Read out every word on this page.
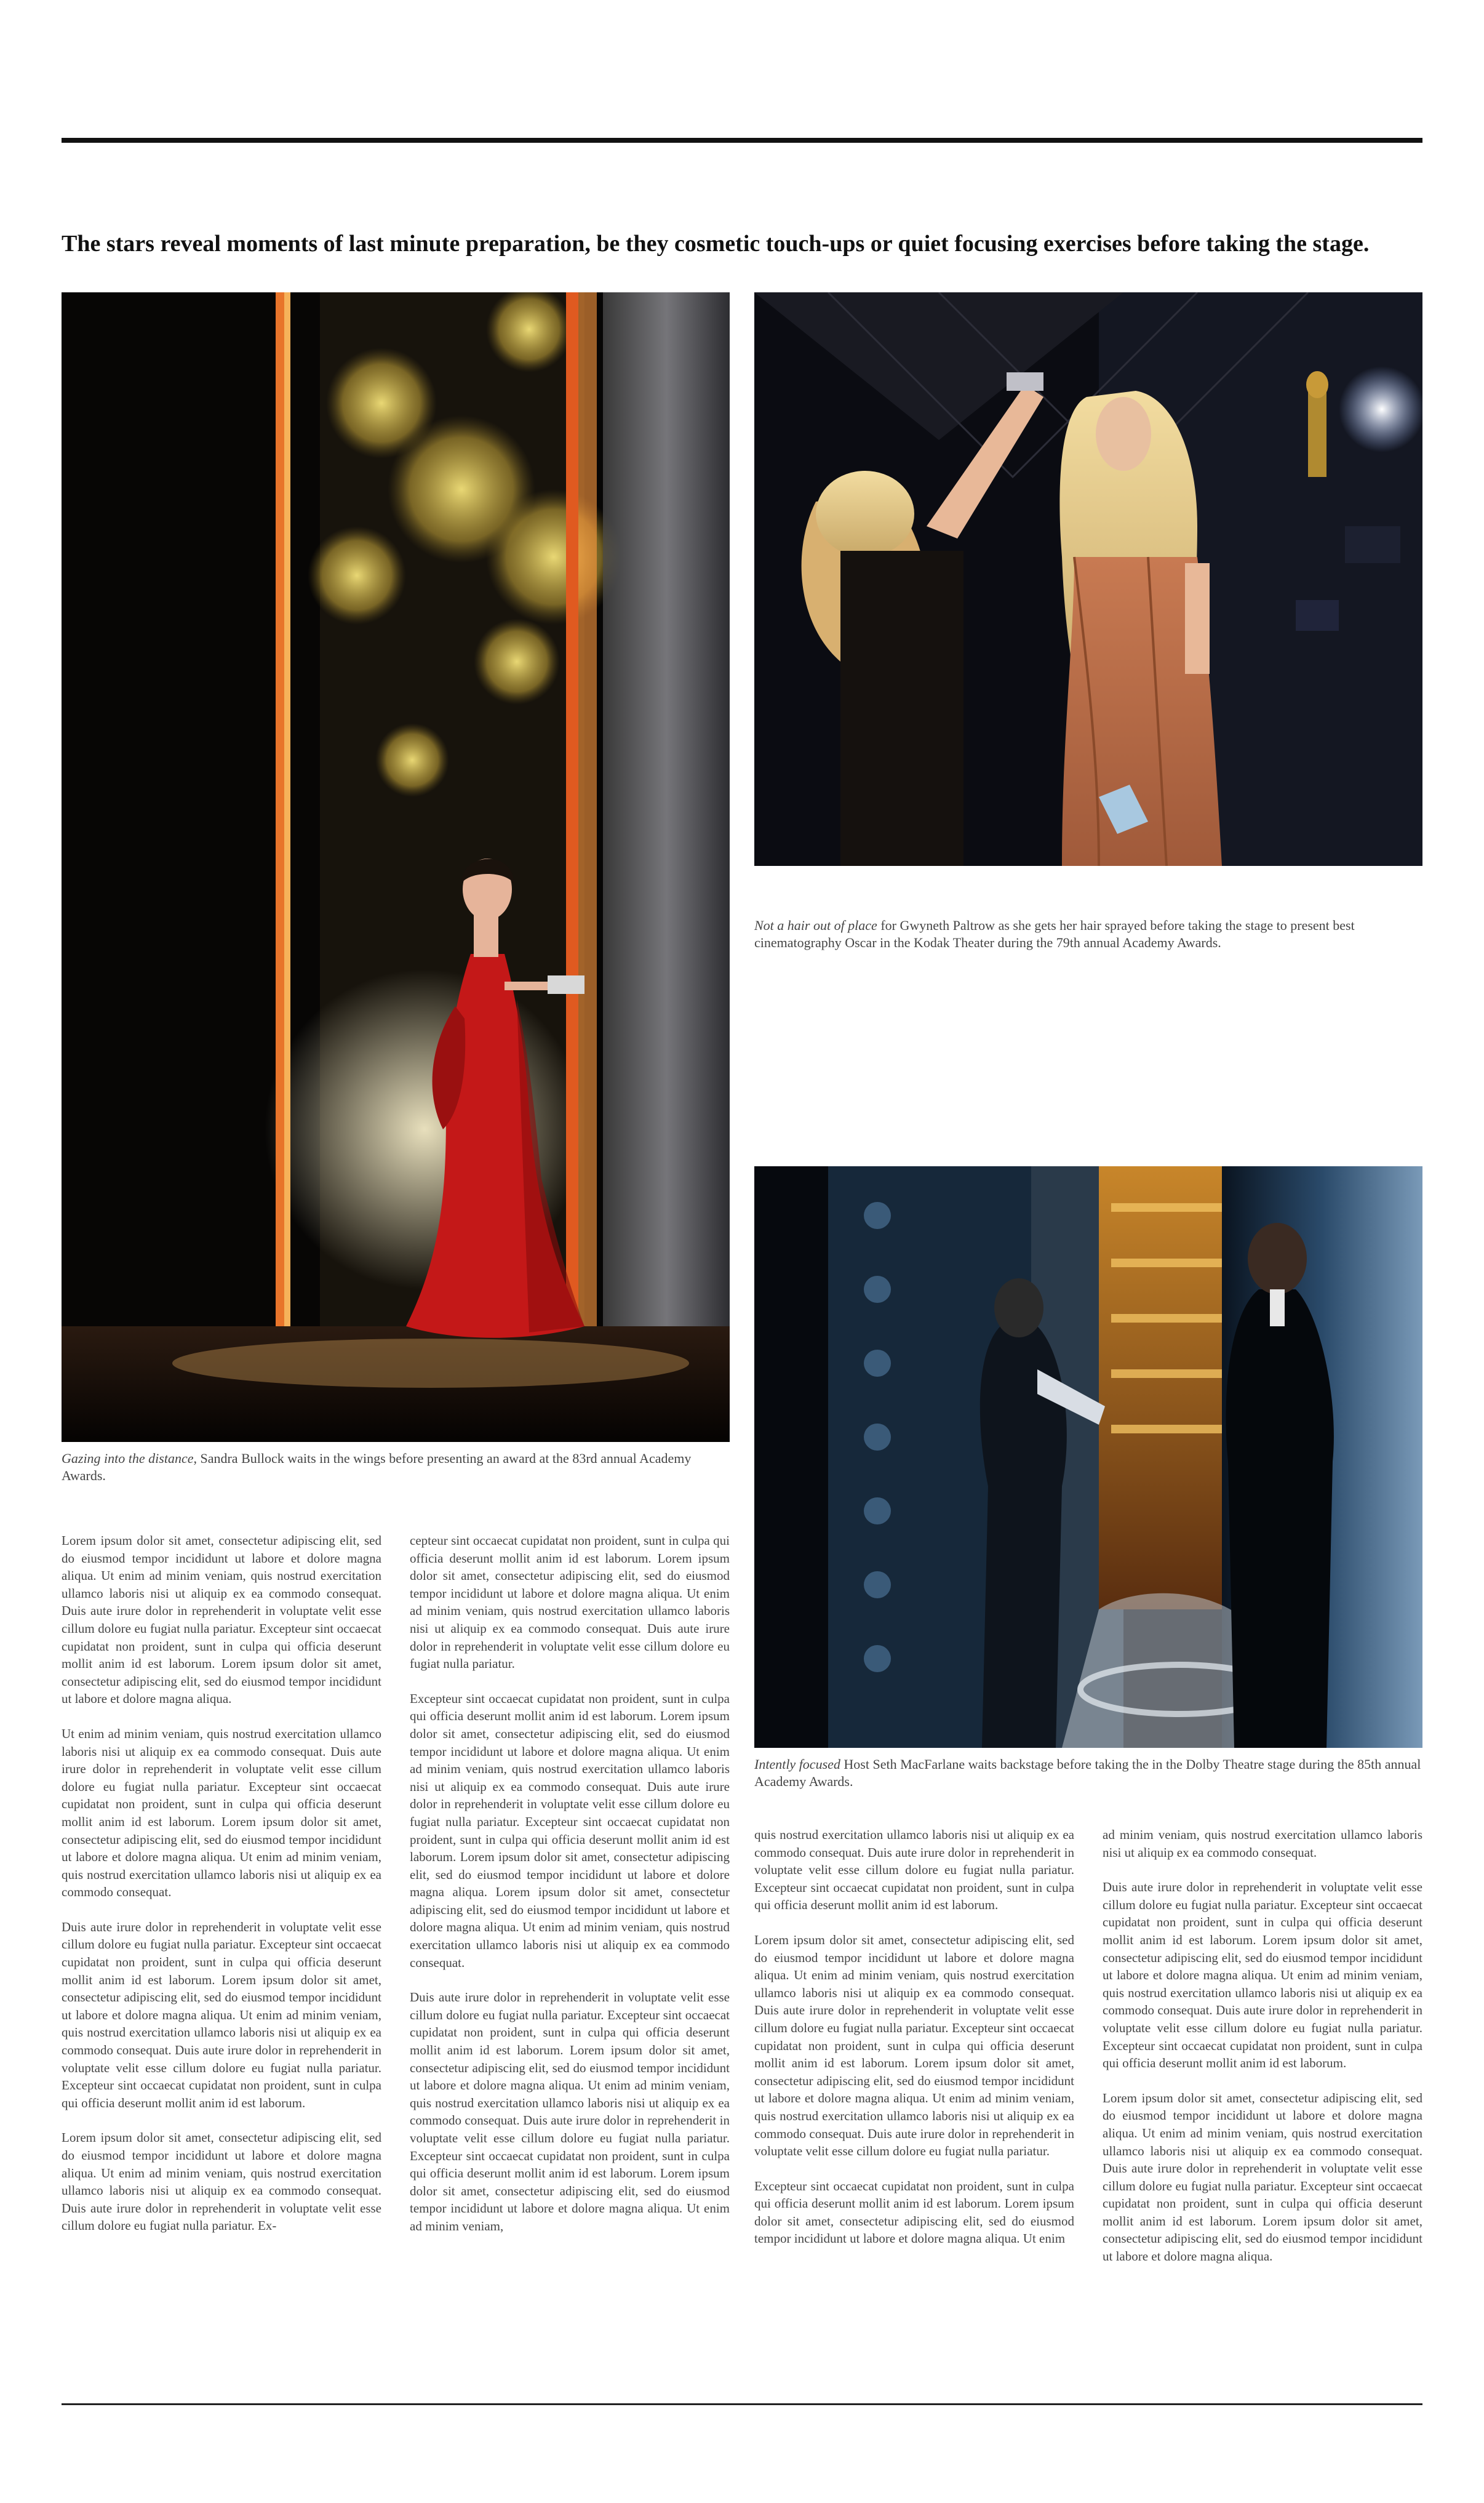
The stars reveal moments of last minute preparation, be they cosmetic touch-ups or quiet focusing exercises before taking the stage.
Gazing into the distance, Sandra Bullock waits in the wings before presenting an award at the 83rd annual Academy Awards.
Not a hair out of place for Gwyneth Paltrow as she gets her hair sprayed before taking the stage to present best cinematography Oscar in the Kodak Theater during the 79th annual Academy Awards.
Intently focused Host Seth MacFarlane waits backstage before taking the in the Dolby Theatre stage during the 85th annual Academy Awards.

Lorem ipsum dolor sit amet, consectetur adipiscing elit, sed do eiusmod tempor incididunt ut labore et dolore magna aliqua. Ut enim ad minim veniam, quis nostrud exercitation ullamco laboris nisi ut aliquip ex ea commodo consequat. Duis aute irure dolor in reprehenderit in voluptate velit esse cillum dolore eu fugiat nulla pariatur. Excepteur sint occaecat cupidatat non proident, sunt in culpa qui officia deserunt mollit anim id est laborum. Lorem ipsum dolor sit amet, consectetur adipiscing elit, sed do eiusmod tempor incididunt ut labore et dolore magna aliqua.

Ut enim ad minim veniam, quis nostrud exercitation ullamco laboris nisi ut aliquip ex ea commodo consequat. Duis aute irure dolor in reprehenderit in voluptate velit esse cillum dolore eu fugiat nulla pariatur. Excepteur sint occaecat cupidatat non proident, sunt in culpa qui officia deserunt mollit anim id est laborum. Lorem ipsum dolor sit amet, consectetur adipiscing elit, sed do eiusmod tempor incididunt ut labore et dolore magna aliqua. Ut enim ad minim veniam, quis nostrud exercitation ullamco laboris nisi ut aliquip ex ea commodo consequat.

Duis aute irure dolor in reprehenderit in voluptate velit esse cillum dolore eu fugiat nulla pariatur. Excepteur sint occaecat cupidatat non proident, sunt in culpa qui officia deserunt mollit anim id est laborum. Lorem ipsum dolor sit amet, consectetur adipiscing elit, sed do eiusmod tempor incididunt ut labore et dolore magna aliqua. Ut enim ad minim veniam, quis nostrud exercitation ullamco laboris nisi ut aliquip ex ea commodo consequat. Duis aute irure dolor in reprehenderit in voluptate velit esse cillum dolore eu fugiat nulla pariatur. Excepteur sint occaecat cupidatat non proident, sunt in culpa qui officia deserunt mollit anim id est laborum.

Lorem ipsum dolor sit amet, consectetur adipiscing elit, sed do eiusmod tempor incididunt ut labore et dolore magna aliqua. Ut enim ad minim veniam, quis nostrud exercitation ullamco laboris nisi ut aliquip ex ea commodo consequat. Duis aute irure dolor in reprehenderit in voluptate velit esse cillum dolore eu fugiat nulla pariatur. Ex-

cepteur sint occaecat cupidatat non proident, sunt in culpa qui officia deserunt mollit anim id est laborum. Lorem ipsum dolor sit amet, consectetur adipiscing elit, sed do eiusmod tempor incididunt ut labore et dolore magna aliqua. Ut enim ad minim veniam, quis nostrud exercitation ullamco laboris nisi ut aliquip ex ea commodo consequat. Duis aute irure dolor in reprehenderit in voluptate velit esse cillum dolore eu fugiat nulla pariatur.

Excepteur sint occaecat cupidatat non proident, sunt in culpa qui officia deserunt mollit anim id est laborum. Lorem ipsum dolor sit amet, consectetur adipiscing elit, sed do eiusmod tempor incididunt ut labore et dolore magna aliqua. Ut enim ad minim veniam, quis nostrud exercitation ullamco laboris nisi ut aliquip ex ea commodo consequat. Duis aute irure dolor in reprehenderit in voluptate velit esse cillum dolore eu fugiat nulla pariatur. Excepteur sint occaecat cupidatat non proident, sunt in culpa qui officia deserunt mollit anim id est laborum. Lorem ipsum dolor sit amet, consectetur adipiscing elit, sed do eiusmod tempor incididunt ut labore et dolore magna aliqua. Lorem ipsum dolor sit amet, consectetur adipiscing elit, sed do eiusmod tempor incididunt ut labore et dolore magna aliqua. Ut enim ad minim veniam, quis nostrud exercitation ullamco laboris nisi ut aliquip ex ea commodo consequat.

Duis aute irure dolor in reprehenderit in voluptate velit esse cillum dolore eu fugiat nulla pariatur. Excepteur sint occaecat cupidatat non proident, sunt in culpa qui officia deserunt mollit anim id est laborum. Lorem ipsum dolor sit amet, consectetur adipiscing elit, sed do eiusmod tempor incididunt ut labore et dolore magna aliqua. Ut enim ad minim veniam, quis nostrud exercitation ullamco laboris nisi ut aliquip ex ea commodo consequat. Duis aute irure dolor in reprehenderit in voluptate velit esse cillum dolore eu fugiat nulla pariatur. Excepteur sint occaecat cupidatat non proident, sunt in culpa qui officia deserunt mollit anim id est laborum. Lorem ipsum dolor sit amet, consectetur adipiscing elit, sed do eiusmod tempor incididunt ut labore et dolore magna aliqua. Ut enim ad minim veniam,

quis nostrud exercitation ullamco laboris nisi ut aliquip ex ea commodo consequat. Duis aute irure dolor in reprehenderit in voluptate velit esse cillum dolore eu fugiat nulla pariatur. Excepteur sint occaecat cupidatat non proident, sunt in culpa qui officia deserunt mollit anim id est laborum.

Lorem ipsum dolor sit amet, consectetur adipiscing elit, sed do eiusmod tempor incididunt ut labore et dolore magna aliqua. Ut enim ad minim veniam, quis nostrud exercitation ullamco laboris nisi ut aliquip ex ea commodo consequat. Duis aute irure dolor in reprehenderit in voluptate velit esse cillum dolore eu fugiat nulla pariatur. Excepteur sint occaecat cupidatat non proident, sunt in culpa qui officia deserunt mollit anim id est laborum. Lorem ipsum dolor sit amet, consectetur adipiscing elit, sed do eiusmod tempor incididunt ut labore et dolore magna aliqua. Ut enim ad minim veniam, quis nostrud exercitation ullamco laboris nisi ut aliquip ex ea commodo consequat. Duis aute irure dolor in reprehenderit in voluptate velit esse cillum dolore eu fugiat nulla pariatur.

Excepteur sint occaecat cupidatat non proident, sunt in culpa qui officia deserunt mollit anim id est laborum. Lorem ipsum dolor sit amet, consectetur adipiscing elit, sed do eiusmod tempor incididunt ut labore et dolore magna aliqua. Ut enim

ad minim veniam, quis nostrud exercitation ullamco laboris nisi ut aliquip ex ea commodo consequat.

Duis aute irure dolor in reprehenderit in voluptate velit esse cillum dolore eu fugiat nulla pariatur. Excepteur sint occaecat cupidatat non proident, sunt in culpa qui officia deserunt mollit anim id est laborum. Lorem ipsum dolor sit amet, consectetur adipiscing elit, sed do eiusmod tempor incididunt ut labore et dolore magna aliqua. Ut enim ad minim veniam, quis nostrud exercitation ullamco laboris nisi ut aliquip ex ea commodo consequat. Duis aute irure dolor in reprehenderit in voluptate velit esse cillum dolore eu fugiat nulla pariatur. Excepteur sint occaecat cupidatat non proident, sunt in culpa qui officia deserunt mollit anim id est laborum.

Lorem ipsum dolor sit amet, consectetur adipiscing elit, sed do eiusmod tempor incididunt ut labore et dolore magna aliqua. Ut enim ad minim veniam, quis nostrud exercitation ullamco laboris nisi ut aliquip ex ea commodo consequat. Duis aute irure dolor in reprehenderit in voluptate velit esse cillum dolore eu fugiat nulla pariatur. Excepteur sint occaecat cupidatat non proident, sunt in culpa qui officia deserunt mollit anim id est laborum. Lorem ipsum dolor sit amet, consectetur adipiscing elit, sed do eiusmod tempor incididunt ut labore et dolore magna aliqua.
